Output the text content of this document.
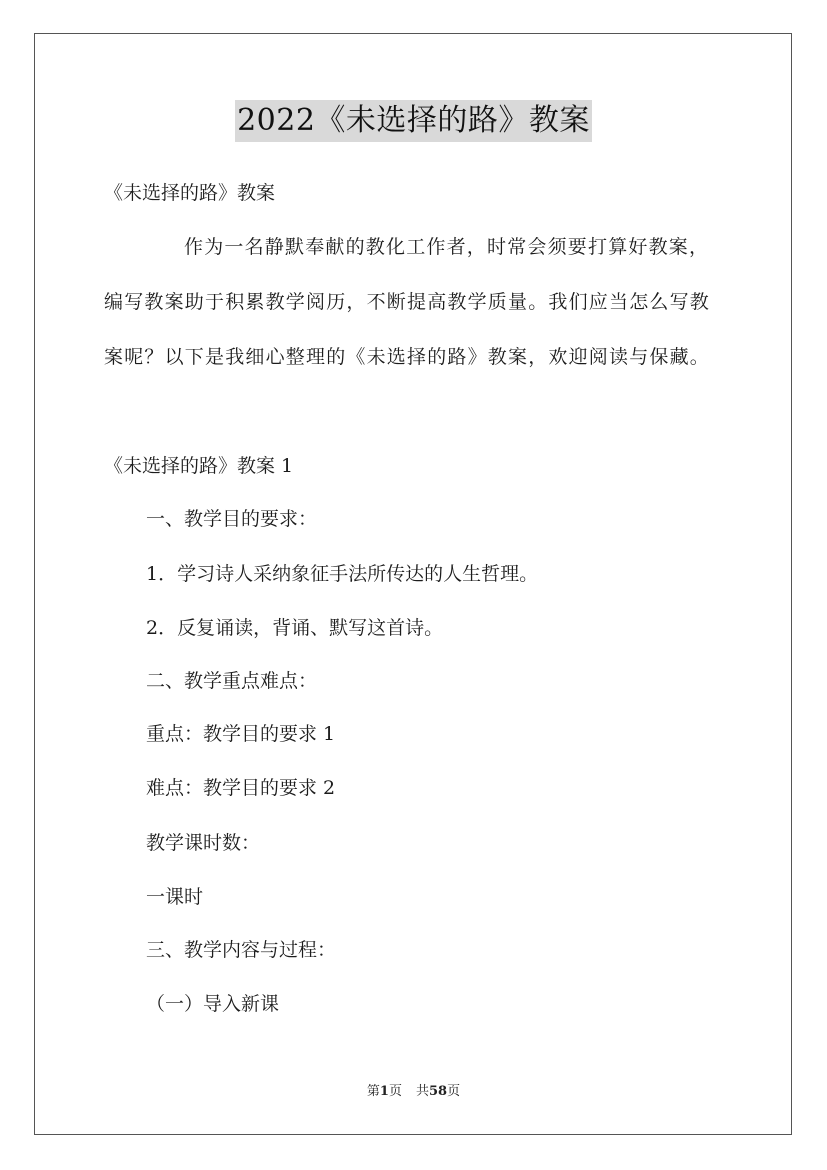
2022《未选择的路》教案
《未选择的路》教案
作为一名静默奉献的教化工作者，时常会须要打算好教案，
编写教案助于积累教学阅历，不断提高教学质量。我们应当怎么写教
案呢？以下是我细心整理的《未选择的路》教案，欢迎阅读与保藏。
《未选择的路》教案 1
一、教学目的要求：
1．学习诗人采纳象征手法所传达的人生哲理。
2．反复诵读，背诵、默写这首诗。
二、教学重点难点：
重点：教学目的要求 1
难点：教学目的要求 2
教学课时数：
一课时
三、教学内容与过程：
（一）导入新课
第1页 共58页
